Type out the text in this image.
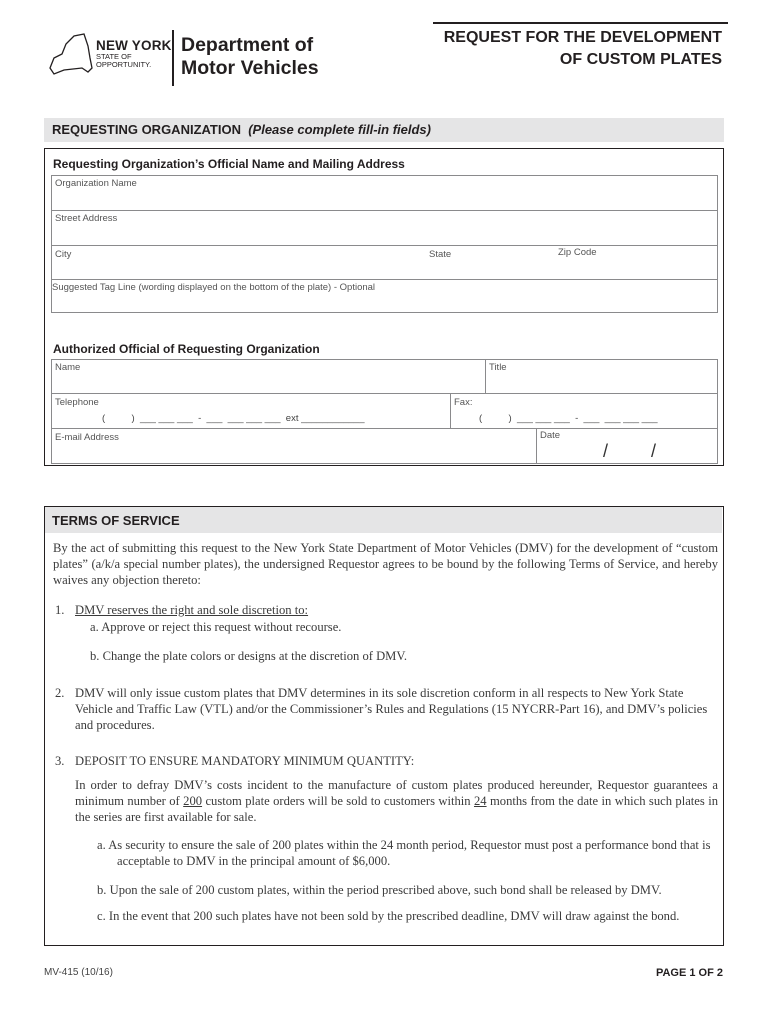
NEW YORK
STATE OF
OPPORTUNITY.
Department of
Motor Vehicles
REQUEST FOR THE DEVELOPMENT
OF CUSTOM PLATES
REQUESTING ORGANIZATION (Please complete fill-in fields)
Requesting Organization’s Official Name and Mailing Address
Organization Name
Street Address
City	State	Zip Code
Suggested Tag Line (wording displayed on the bottom of the plate) - Optional
Authorized Official of Requesting Organization
Name	Title
Telephone
(          )  ___ ___ ___  -  ___  ___ ___ ___  ext ____________
Fax:
(          )  ___ ___ ___  -  ___  ___ ___ ___
E-mail Address	Date
/ /
TERMS OF SERVICE
By the act of submitting this request to the New York State Department of Motor Vehicles (DMV) for the development of “custom plates” (a/k/a special number plates), the undersigned Requestor agrees to be bound by the following Terms of Service, and hereby waives any objection thereto:
1. DMV reserves the right and sole discretion to:
a. Approve or reject this request without recourse.
b. Change the plate colors or designs at the discretion of DMV.
2. DMV will only issue custom plates that DMV determines in its sole discretion conform in all respects to New York State Vehicle and Traffic Law (VTL) and/or the Commissioner’s Rules and Regulations (15 NYCRR-Part 16), and DMV’s policies and procedures.
3. DEPOSIT TO ENSURE MANDATORY MINIMUM QUANTITY:
In order to defray DMV’s costs incident to the manufacture of custom plates produced hereunder, Requestor guarantees a minimum number of 200 custom plate orders will be sold to customers within 24 months from the date in which such plates in the series are first available for sale.
a. As security to ensure the sale of 200 plates within the 24 month period, Requestor must post a performance bond that is acceptable to DMV in the principal amount of $6,000.
b. Upon the sale of 200 custom plates, within the period prescribed above, such bond shall be released by DMV.
c. In the event that 200 such plates have not been sold by the prescribed deadline, DMV will draw against the bond.
MV-415 (10/16)	PAGE 1 OF 2
